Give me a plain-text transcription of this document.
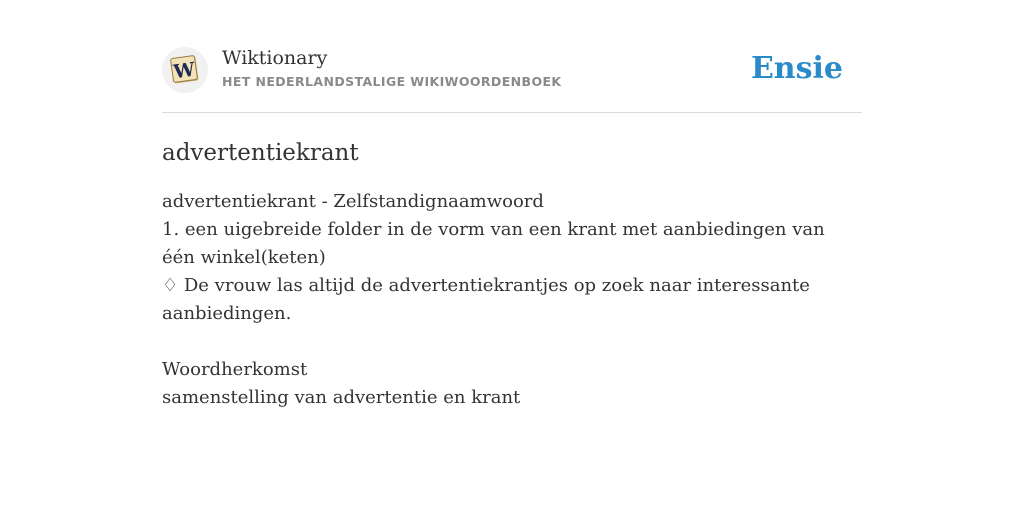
W
Wiktionary
HET NEDERLANDSTALIGE WIKIWOORDENBOEK	Ensie
advertentiekrant

advertentiekrant - Zelfstandignaamwoord

1. een uigebreide folder in de vorm van een krant met aanbiedingen van één winkel(keten)

♢ De vrouw las altijd de advertentiekrantjes op zoek naar interessante aanbiedingen.

Woordherkomst

samenstelling van advertentie en krant
